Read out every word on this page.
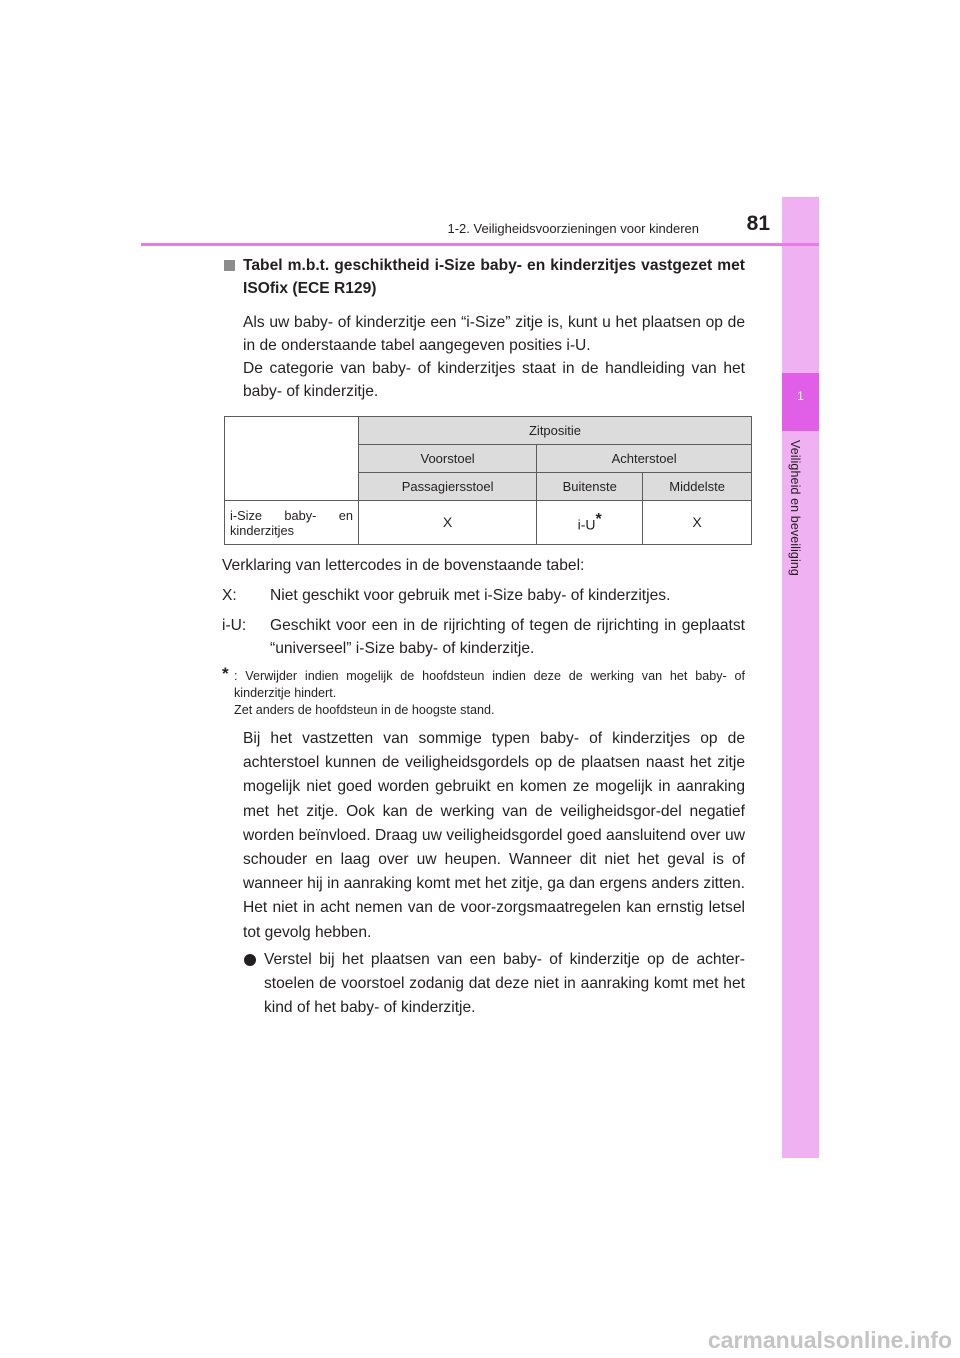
1
Veiligheid en beveiliging
1-2. Veiligheidsvoorzieningen voor kinderen	81
Tabel m.b.t. geschiktheid i-Size baby- en kinderzitjes vastgezet met ISOfix (ECE R129)
Als uw baby- of kinderzitje een “i-Size” zitje is, kunt u het plaatsen op de in de onderstaande tabel aangegeven posities i-U.
De categorie van baby- of kinderzitjes staat in de handleiding van het baby- of kinderzitje.
	Zitpositie		
	Voorstoel	Achterstoel	
	Passagiersstoel	Buitenste	Middelste
i-Size baby- en kinderzitjes	X	i-U*	X
Verklaring van lettercodes in de bovenstaande tabel:
X: Niet geschikt voor gebruik met i-Size baby- of kinderzitjes.
i-U: Geschikt voor een in de rijrichting of tegen de rijrichting in geplaatst “universeel” i-Size baby- of kinderzitje.
* : Verwijder indien mogelijk de hoofdsteun indien deze de werking van het baby- of kinderzitje hindert.
Zet anders de hoofdsteun in de hoogste stand.
Bij het vastzetten van sommige typen baby- of kinderzitjes op de achterstoel kunnen de veiligheidsgordels op de plaatsen naast het zitje mogelijk niet goed worden gebruikt en komen ze mogelijk in aanraking met het zitje. Ook kan de werking van de veiligheidsgor-del negatief worden beïnvloed. Draag uw veiligheidsgordel goed aansluitend over uw schouder en laag over uw heupen. Wanneer dit niet het geval is of wanneer hij in aanraking komt met het zitje, ga dan ergens anders zitten. Het niet in acht nemen van de voor-zorgsmaatregelen kan ernstig letsel tot gevolg hebben.
Verstel bij het plaatsen van een baby- of kinderzitje op de achter-stoelen de voorstoel zodanig dat deze niet in aanraking komt met het kind of het baby- of kinderzitje.
carmanualsonline.info
